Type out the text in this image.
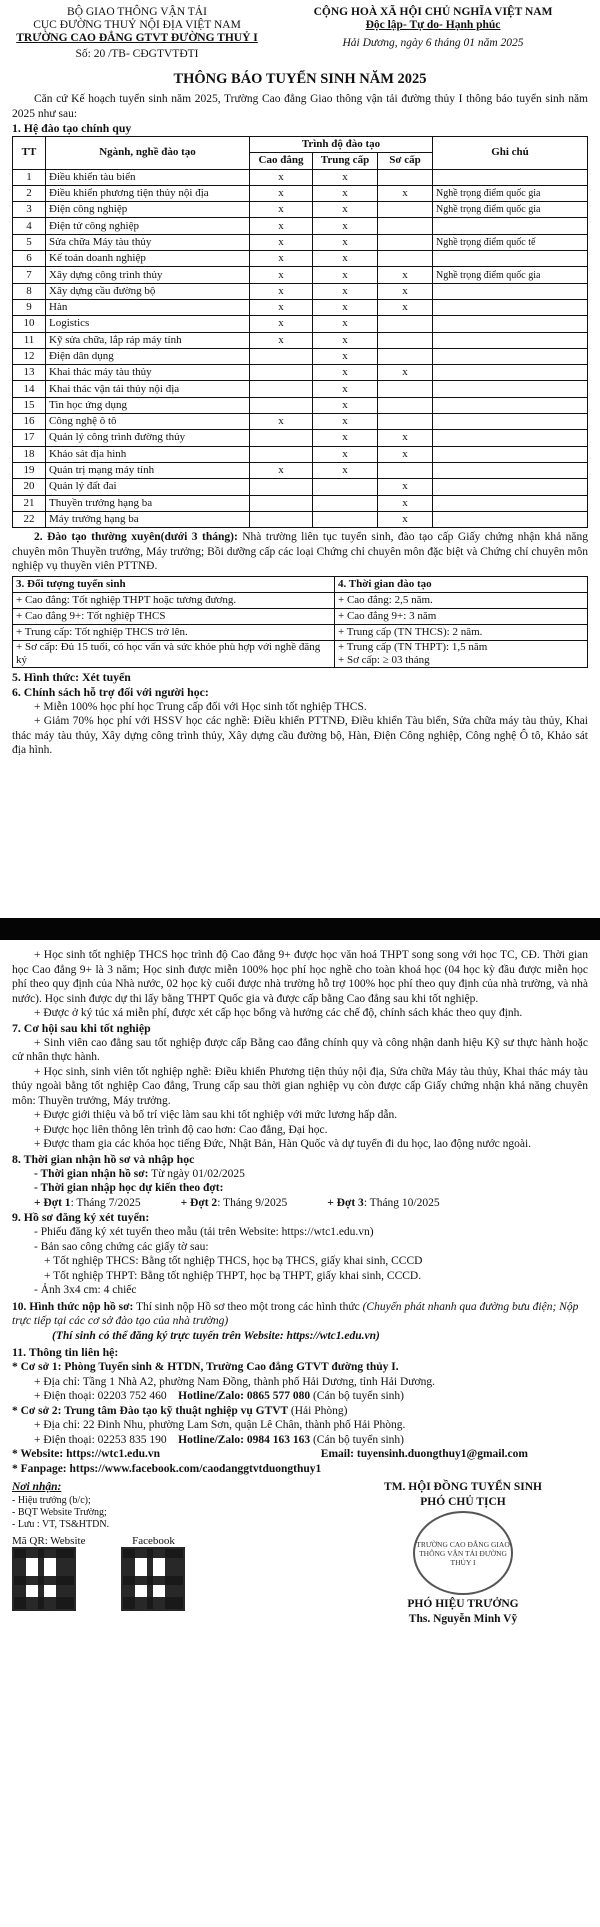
BỘ GIAO THÔNG VẬN TẢI
CỤC ĐƯỜNG THUỶ NỘI ĐỊA VIỆT NAM
TRƯỜNG CAO ĐẲNG GTVT ĐƯỜNG THUỶ I
Số: 20 /TB- CĐGTVTĐTI
CỘNG HOÀ XÃ HỘI CHỦ NGHĨA VIỆT NAM
Độc lập- Tự do- Hạnh phúc
Hải Dương, ngày 6 tháng 01 năm 2025
THÔNG BÁO TUYỂN SINH NĂM 2025

Căn cứ Kế hoạch tuyển sinh năm 2025, Trường Cao đẳng Giao thông vận tải đường thủy I thông báo tuyển sinh năm 2025 như sau:

1. Hệ đào tạo chính quy
TT	Ngành, nghề đào tạo	Trình độ đào tạo			Ghi chú
		Cao đẳng	Trung cấp	Sơ cấp	
1	Điều khiển tàu biển	x	x		
2	Điều khiển phương tiện thủy nội địa	x	x	x	Nghề trọng điểm quốc gia
3	Điện công nghiệp	x	x		Nghề trọng điểm quốc gia
4	Điện tử công nghiệp	x	x		
5	Sửa chữa Máy tàu thủy	x	x		Nghề trọng điểm quốc tế
6	Kế toán doanh nghiệp	x	x		
7	Xây dựng công trình thủy	x	x	x	Nghề trọng điểm quốc gia
8	Xây dựng cầu đường bộ	x	x	x	
9	Hàn	x	x	x	
10	Logistics	x	x		
11	Kỹ sửa chữa, lắp ráp máy tính	x	x		
12	Điện dân dụng		x		
13	Khai thác máy tàu thủy		x	x	
14	Khai thác vận tải thủy nội địa		x		
15	Tin học ứng dụng		x		
16	Công nghệ ô tô	x	x		
17	Quản lý công trình đường thủy		x	x	
18	Khảo sát địa hình		x	x	
19	Quản trị mạng máy tính	x	x		
20	Quản lý đất đai			x	
21	Thuyền trưởng hạng ba			x	
22	Máy trưởng hạng ba			x	

2. Đào tạo thường xuyên(dưới 3 tháng): Nhà trường liên tục tuyển sinh, đào tạo cấp Giấy chứng nhận khả năng chuyên môn Thuyền trưởng, Máy trưởng; Bồi dưỡng cấp các loại Chứng chỉ chuyên môn đặc biệt và Chứng chỉ chuyên môn nghiệp vụ thuyền viên PTTNĐ.

3. Đối tượng tuyển sinh	4. Thời gian đào tạo
+ Cao đẳng: Tốt nghiệp THPT hoặc tương đương.	+ Cao đẳng: 2,5 năm.
+ Cao đẳng 9+: Tốt nghiệp THCS	+ Cao đẳng 9+: 3 năm
+ Trung cấp: Tốt nghiệp THCS trở lên.	+ Trung cấp (TN THCS): 2 năm.
+ Sơ cấp: Đủ 15 tuổi, có học vấn và sức khỏe phù hợp với nghề đăng ký	+ Trung cấp (TN THPT): 1,5 năm
+ Sơ cấp: ≥ 03 tháng
5. Hình thức: Xét tuyển
6. Chính sách hỗ trợ đối với người học:

+ Miễn 100% học phí học Trung cấp đối với Học sinh tốt nghiệp THCS.

+ Giảm 70% học phí với HSSV học các nghề: Điều khiển PTTNĐ, Điều khiển Tàu biển, Sửa chữa máy tàu thủy, Khai thác máy tàu thủy, Xây dựng công trình thủy, Xây dựng cầu đường bộ, Hàn, Điện Công nghiệp, Công nghệ Ô tô, Khảo sát địa hình.

+ Học sinh tốt nghiệp THCS học trình độ Cao đẳng 9+ được học văn hoá THPT song song với học TC, CĐ. Thời gian học Cao đẳng 9+ là 3 năm; Học sinh được miễn 100% học phí học nghề cho toàn khoá học (04 học kỳ đầu được miễn học phí theo quy định của Nhà nước, 02 học kỳ cuối được nhà trường hỗ trợ 100% học phí theo quy định của nhà trường, và nhà nước). Học sinh được dự thi lấy bằng THPT Quốc gia và được cấp bằng Cao đẳng sau khi tốt nghiệp.

+ Được ở ký túc xá miễn phí, được xét cấp học bổng và hưởng các chế độ, chính sách khác theo quy định.

7. Cơ hội sau khi tốt nghiệp

+ Sinh viên cao đẳng sau tốt nghiệp được cấp Bằng cao đẳng chính quy và công nhận danh hiệu Kỹ sư thực hành hoặc cử nhân thực hành.

+ Học sinh, sinh viên tốt nghiệp nghề: Điều khiển Phương tiện thủy nội địa, Sửa chữa Máy tàu thủy, Khai thác máy tàu thủy ngoài bằng tốt nghiệp Cao đẳng, Trung cấp sau thời gian nghiệp vụ còn được cấp Giấy chứng nhận khả năng chuyên môn: Thuyền trưởng, Máy trưởng.

+ Được giới thiệu và bố trí việc làm sau khi tốt nghiệp với mức lương hấp dẫn.

+ Được học liên thông lên trình độ cao hơn: Cao đẳng, Đại học.

+ Được tham gia các khóa học tiếng Đức, Nhật Bản, Hàn Quốc và dự tuyển đi du học, lao động nước ngoài.

8. Thời gian nhận hồ sơ và nhập học

- Thời gian nhận hồ sơ: Từ ngày 01/02/2025

- Thời gian nhập học dự kiến theo đợt:

+ Đợt 1: Tháng 7/2025	+ Đợt 2: Tháng 9/2025	+ Đợt 3: Tháng 10/2025

9. Hồ sơ đăng ký xét tuyển:

- Phiếu đăng ký xét tuyển theo mẫu (tải trên Website: https://wtc1.edu.vn)

- Bản sao công chứng các giấy tờ sau:

+ Tốt nghiệp THCS: Bằng tốt nghiệp THCS, học bạ THCS, giấy khai sinh, CCCD

+ Tốt nghiệp THPT: Bằng tốt nghiệp THPT, học bạ THPT, giấy khai sinh, CCCD.

- Ảnh 3x4 cm: 4 chiếc

10. Hình thức nộp hồ sơ: Thí sinh nộp Hồ sơ theo một trong các hình thức (Chuyển phát nhanh qua đường bưu điện; Nộp trực tiếp tại các cơ sở đào tạo của nhà trường)

(Thí sinh có thể đăng ký trực tuyến trên Website: https://wtc1.edu.vn)

11. Thông tin liên hệ:

* Cơ sở 1: Phòng Tuyển sinh & HTDN, Trường Cao đẳng GTVT đường thủy I.

+ Địa chỉ: Tầng 1 Nhà A2, phường Nam Đồng, thành phố Hải Dương, tỉnh Hải Dương.

+ Điện thoại: 02203 752 460 Hotline/Zalo: 0865 577 080 (Cán bộ tuyển sinh)

* Cơ sở 2: Trung tâm Đào tạo kỹ thuật nghiệp vụ GTVT (Hải Phòng)

+ Địa chỉ: 22 Đinh Nhu, phường Lam Sơn, quận Lê Chân, thành phố Hải Phòng.

+ Điện thoại: 02253 835 190 Hotline/Zalo: 0984 163 163 (Cán bộ tuyển sinh)

* Website: https://wtc1.edu.vn	Email: tuyensinh.duongthuy1@gmail.com

* Fanpage: https://www.facebook.com/caodanggtvtduongthuy1

Nơi nhận:

- Hiệu trưởng (b/c);

- BQT Website Trường;

- Lưu : VT, TS&HTDN.

Mã QR: Website	Facebook

TM. HỘI ĐỒNG TUYỂN SINH

PHÓ CHỦ TỊCH

TRƯỜNG CAO ĐẲNG GIAO THÔNG VẬN TẢI ĐƯỜNG THỦY I

PHÓ HIỆU TRƯỞNG

Ths. Nguyễn Minh Vỹ
